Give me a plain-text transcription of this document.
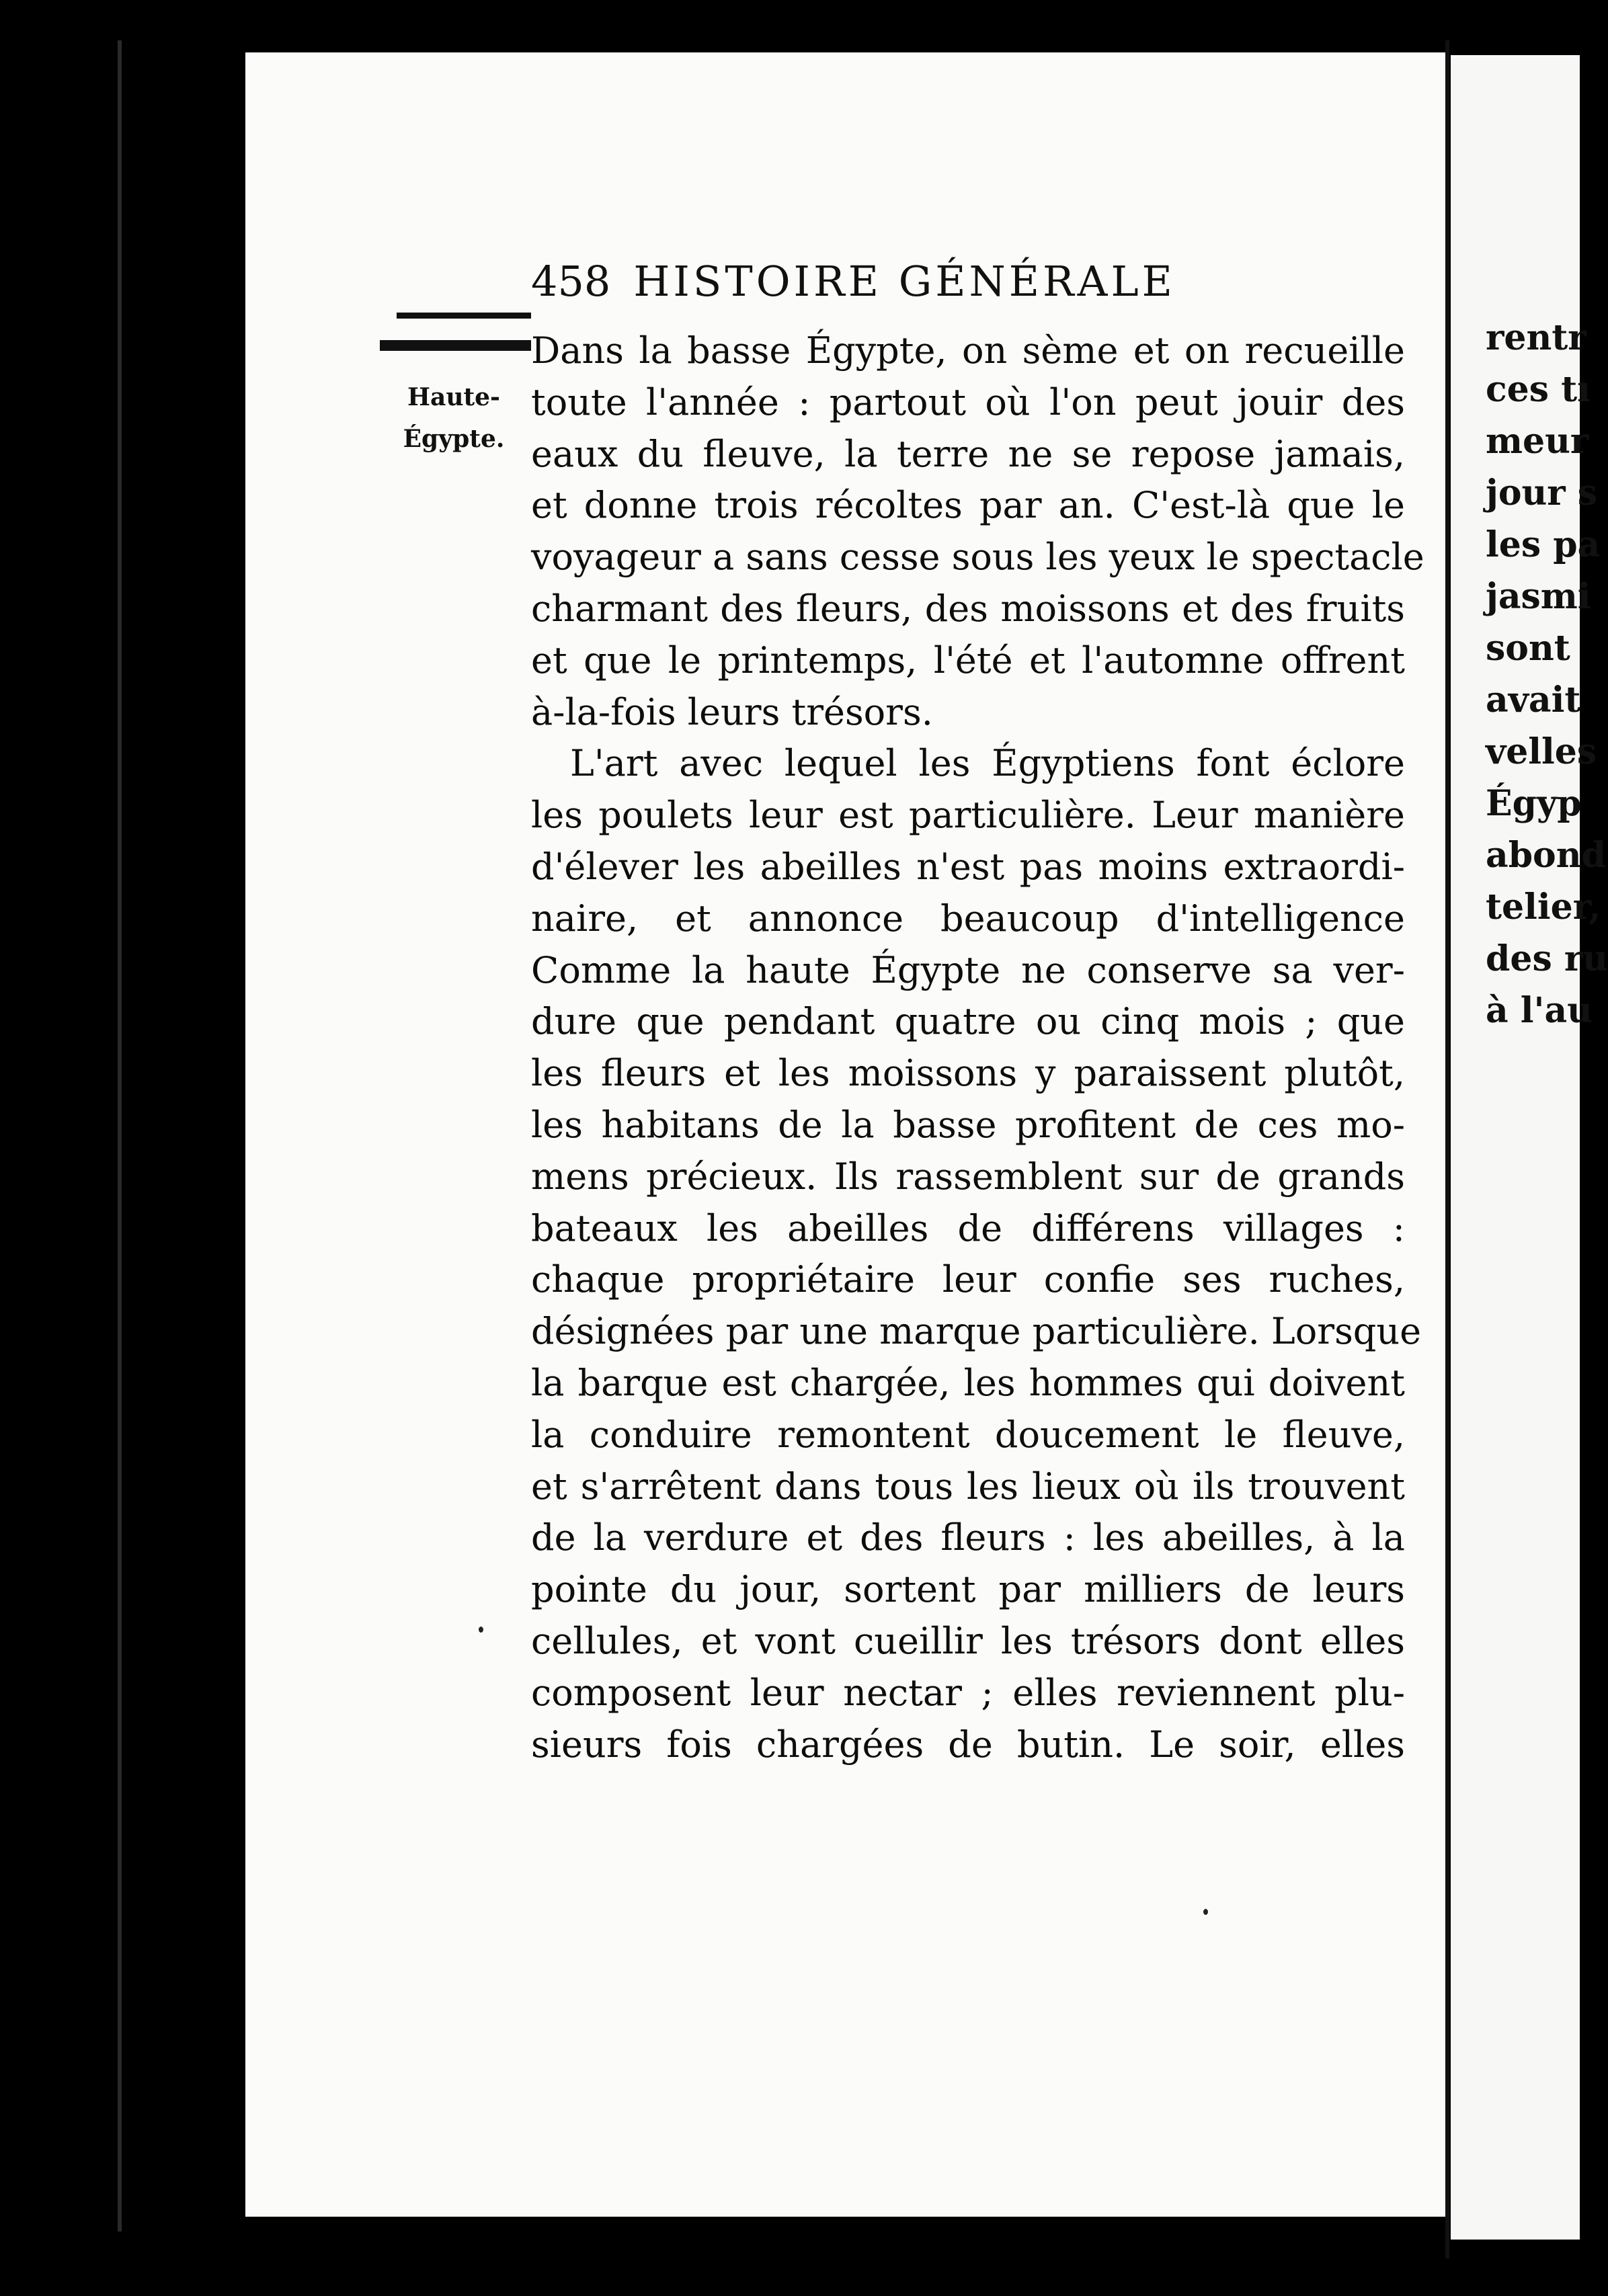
458 HISTOIRE GÉNÉRALE
Haute-
Égypte.
Dans la basse Égypte, on sème et on recueille
toute l'année : partout où l'on peut jouir des
eaux du fleuve, la terre ne se repose jamais,
et donne trois récoltes par an. C'est-là que le
voyageur a sans cesse sous les yeux le spectacle
charmant des fleurs, des moissons et des fruits
et que le printemps, l'été et l'automne offrent
à-la-fois leurs trésors.
L'art avec lequel les Égyptiens font éclore
les poulets leur est particulière. Leur manière
d'élever les abeilles n'est pas moins extraordi-
naire, et annonce beaucoup d'intelligence
Comme la haute Égypte ne conserve sa ver-
dure que pendant quatre ou cinq mois ; que
les fleurs et les moissons y paraissent plutôt,
les habitans de la basse profitent de ces mo-
mens précieux. Ils rassemblent sur de grands
bateaux les abeilles de différens villages :
chaque propriétaire leur confie ses ruches,
désignées par une marque particulière. Lorsque
la barque est chargée, les hommes qui doivent
la conduire remontent doucement le fleuve,
et s'arrêtent dans tous les lieux où ils trouvent
de la verdure et des fleurs : les abeilles, à la
pointe du jour, sortent par milliers de leurs
cellules, et vont cueillir les trésors dont elles
composent leur nectar ; elles reviennent plu-
sieurs fois chargées de butin. Le soir, elles
rentr
ces tı
meur
jour s
les pa
jasmi
sont
avait
velles
Égyp
abond
telier,
des ru
à l'au
